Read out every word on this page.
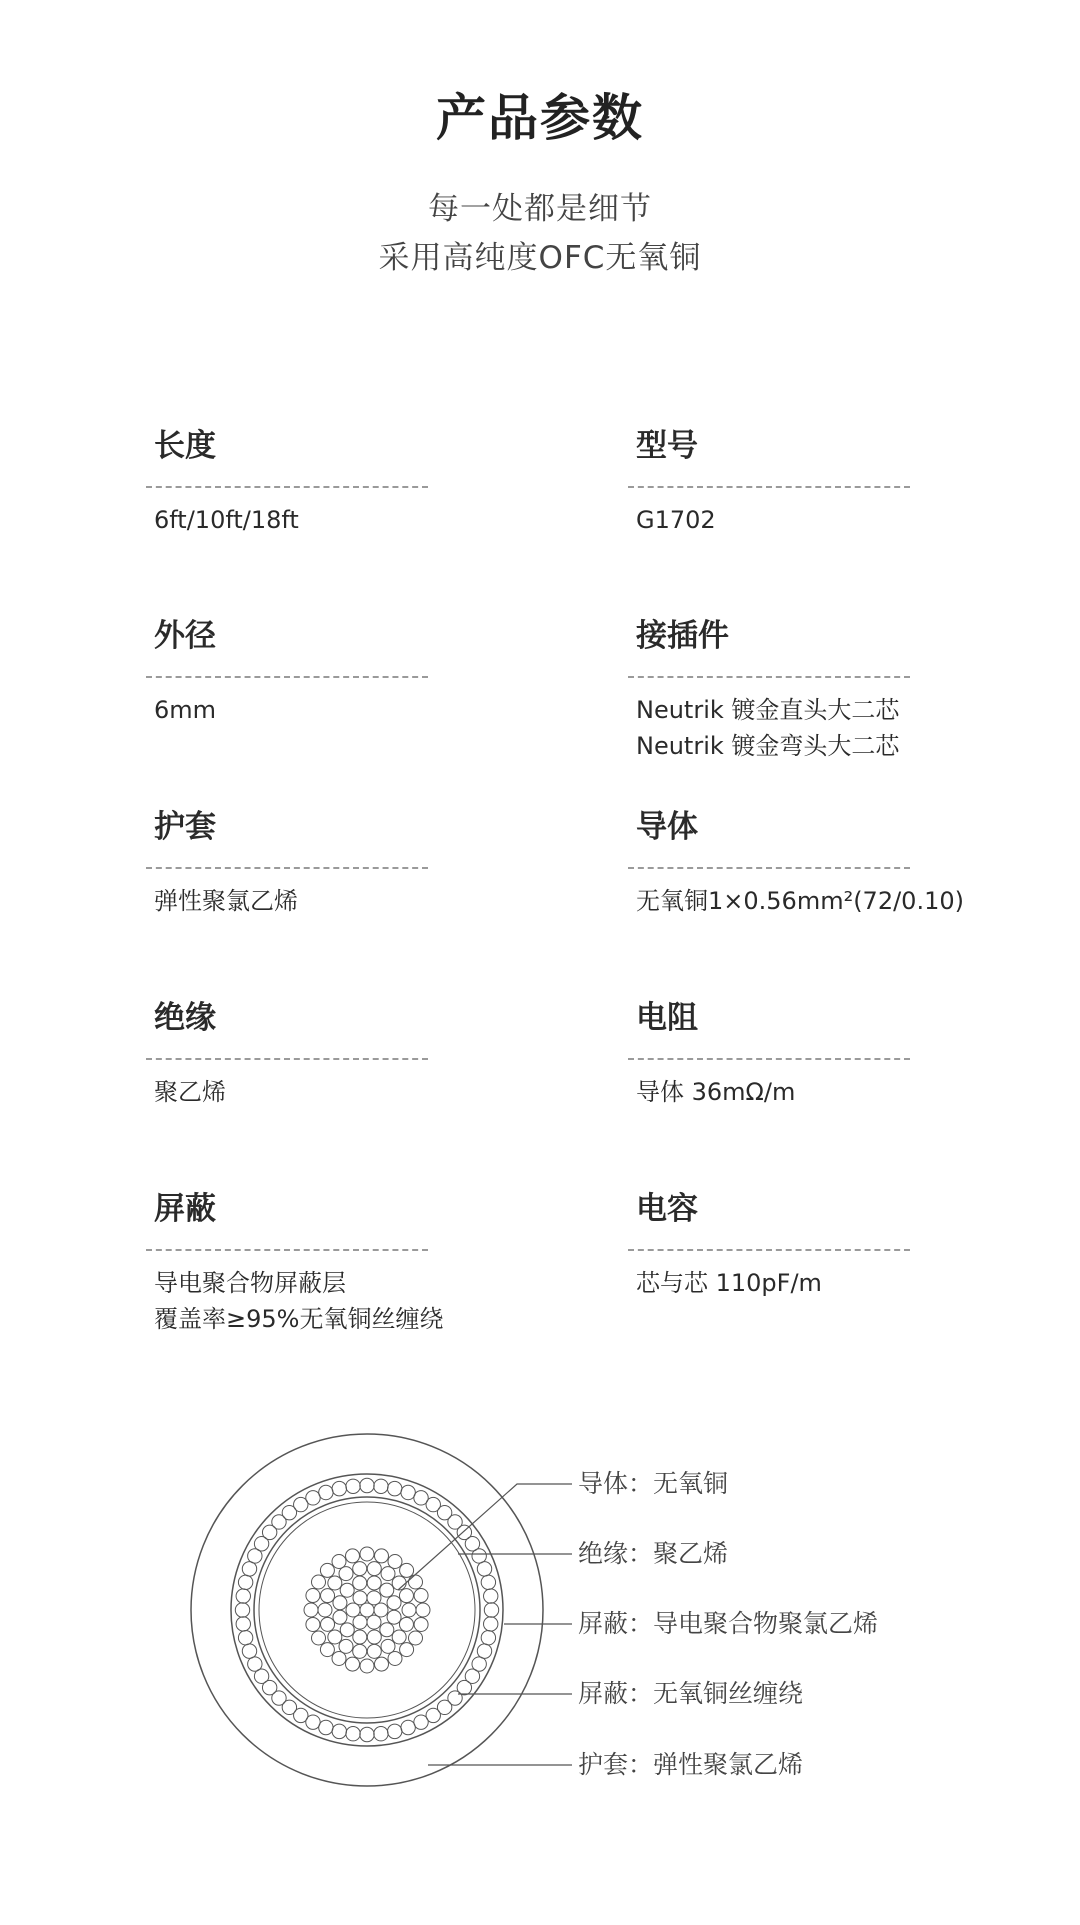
产品参数
每一处都是细节
采用高纯度OFC无氧铜
长度
6ft/10ft/18ft
型号
G1702
外径
6mm
接插件
Neutrik 镀金直头大二芯
Neutrik 镀金弯头大二芯
护套
弹性聚氯乙烯
导体
无氧铜1×0.56mm²(72/0.10)
绝缘
聚乙烯
电阻
导体 36mΩ/m
屏蔽
导电聚合物屏蔽层
覆盖率≥95%无氧铜丝缠绕
电容
芯与芯 110pF/m
导体：无氧铜
绝缘：聚乙烯
屏蔽：导电聚合物聚氯乙烯
屏蔽：无氧铜丝缠绕
护套：弹性聚氯乙烯
